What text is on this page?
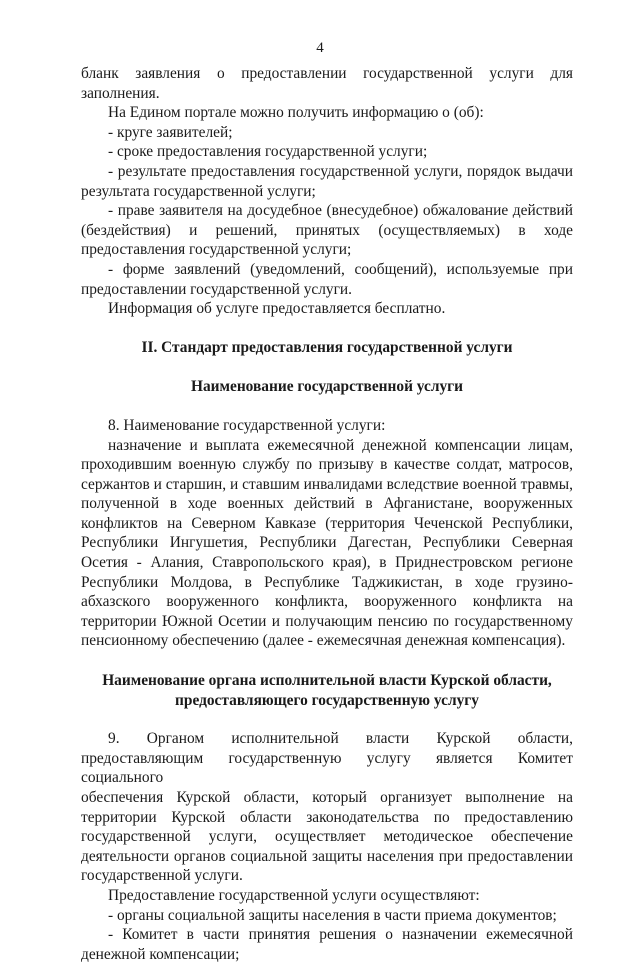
4

бланк заявления о предоставлении государственной услуги для

заполнения.

На Едином портале можно получить информацию о (об):

- круге заявителей;

- сроке предоставления государственной услуги;

- результате предоставления государственной услуги, порядок выдачи

результата государственной услуги;

- праве заявителя на досудебное (внесудебное) обжалование действий

(бездействия) и решений, принятых (осуществляемых) в ходе

предоставления государственной услуги;

- форме заявлений (уведомлений, сообщений), используемые при

предоставлении государственной услуги.

Информация об услуге предоставляется бесплатно.

II. Стандарт предоставления государственной услуги

Наименование государственной услуги

8. Наименование государственной услуги:

назначение и выплата ежемесячной денежной компенсации лицам,

проходившим военную службу по призыву в качестве солдат, матросов,

сержантов и старшин, и ставшим инвалидами вследствие военной травмы,

полученной в ходе военных действий в Афганистане, вооруженных

конфликтов на Северном Кавказе (территория Чеченской Республики,

Республики Ингушетия, Республики Дагестан, Республики Северная

Осетия - Алания, Ставропольского края), в Приднестровском регионе

Республики Молдова, в Республике Таджикистан, в ходе грузино-

абхазского вооруженного конфликта, вооруженного конфликта на

территории Южной Осетии и получающим пенсию по государственному

пенсионному обеспечению (далее - ежемесячная денежная компенсация).

Наименование органа исполнительной власти Курской области,

предоставляющего государственную услугу

9. Органом исполнительной власти Курской области,

предоставляющим государственную услугу является Комитет социального

обеспечения Курской области, который организует выполнение на

территории Курской области законодательства по предоставлению

государственной услуги, осуществляет методическое обеспечение

деятельности органов социальной защиты населения при предоставлении

государственной услуги.

Предоставление государственной услуги осуществляют:

- органы социальной защиты населения в части приема документов;

- Комитет в части принятия решения о назначении ежемесячной

денежной компенсации;
